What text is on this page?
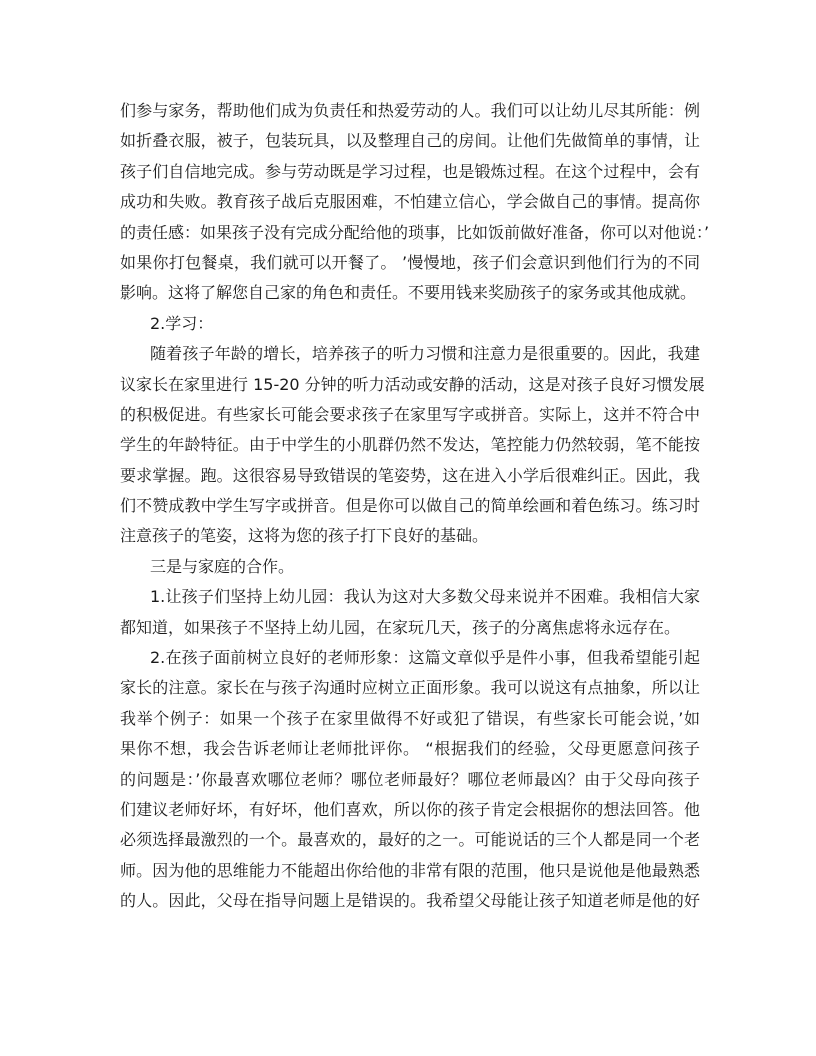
们参与家务，帮助他们成为负责任和热爱劳动的人。我们可以让幼儿尽其所能：例
如折叠衣服，被子，包装玩具，以及整理自己的房间。让他们先做简单的事情，让
孩子们自信地完成。参与劳动既是学习过程，也是锻炼过程。在这个过程中，会有
成功和失败。教育孩子战后克服困难，不怕建立信心，学会做自己的事情。提高你
的责任感：如果孩子没有完成分配给他的琐事，比如饭前做好准备，你可以对他说：’
如果你打包餐桌，我们就可以开餐了。 ’慢慢地，孩子们会意识到他们行为的不同
影响。这将了解您自己家的角色和责任。不要用钱来奖励孩子的家务或其他成就。
2.学习：
随着孩子年龄的增长，培养孩子的听力习惯和注意力是很重要的。因此，我建
议家长在家里进行 15-20 分钟的听力活动或安静的活动，这是对孩子良好习惯发展
的积极促进。有些家长可能会要求孩子在家里写字或拼音。实际上，这并不符合中
学生的年龄特征。由于中学生的小肌群仍然不发达，笔控能力仍然较弱，笔不能按
要求掌握。跑。这很容易导致错误的笔姿势，这在进入小学后很难纠正。因此，我
们不赞成教中学生写字或拼音。但是你可以做自己的简单绘画和着色练习。练习时
注意孩子的笔姿，这将为您的孩子打下良好的基础。
三是与家庭的合作。
1.让孩子们坚持上幼儿园：我认为这对大多数父母来说并不困难。我相信大家
都知道，如果孩子不坚持上幼儿园，在家玩几天，孩子的分离焦虑将永远存在。
2.在孩子面前树立良好的老师形象：这篇文章似乎是件小事，但我希望能引起
家长的注意。家长在与孩子沟通时应树立正面形象。我可以说这有点抽象，所以让
我举个例子：如果一个孩子在家里做得不好或犯了错误，有些家长可能会说，’如
果你不想，我会告诉老师让老师批评你。 “根据我们的经验，父母更愿意问孩子
的问题是：’你最喜欢哪位老师？哪位老师最好？哪位老师最凶？由于父母向孩子
们建议老师好坏，有好坏，他们喜欢，所以你的孩子肯定会根据你的想法回答。他
必须选择最激烈的一个。最喜欢的，最好的之一。可能说话的三个人都是同一个老
师。因为他的思维能力不能超出你给他的非常有限的范围，他只是说他是他最熟悉
的人。因此，父母在指导问题上是错误的。我希望父母能让孩子知道老师是他的好
